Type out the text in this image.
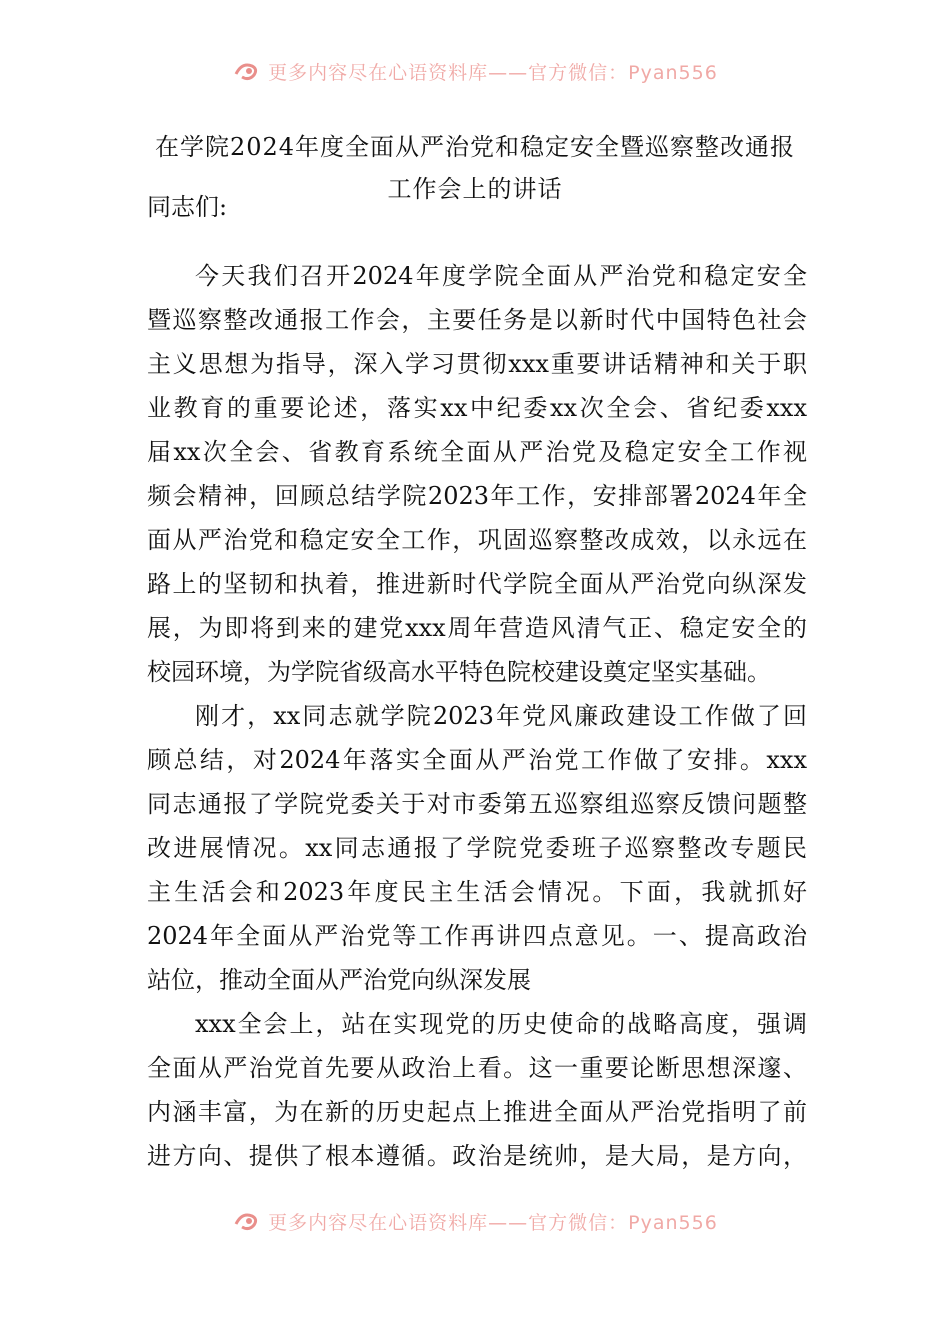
更多内容尽在心语资料库——官方微信：Pyan556
在学院2024年度全面从严治党和稳定安全暨巡察整改通报
工作会上的讲话
同志们:
今天我们召开2024年度学院全面从严治党和稳定安全
暨巡察整改通报工作会，主要任务是以新时代中国特色社会
主义思想为指导，深入学习贯彻xxx重要讲话精神和关于职
业教育的重要论述，落实xx中纪委xx次全会、省纪委xxx
届xx次全会、省教育系统全面从严治党及稳定安全工作视
频会精神，回顾总结学院2023年工作，安排部署2024年全
面从严治党和稳定安全工作，巩固巡察整改成效，以永远在
路上的坚韧和执着，推进新时代学院全面从严治党向纵深发
展，为即将到来的建党xxx周年营造风清气正、稳定安全的
校园环境，为学院省级高水平特色院校建设奠定坚实基础。
刚才，xx同志就学院2023年党风廉政建设工作做了回
顾总结，对2024年落实全面从严治党工作做了安排。xxx
同志通报了学院党委关于对市委第五巡察组巡察反馈问题整
改进展情况。xx同志通报了学院党委班子巡察整改专题民
主生活会和2023年度民主生活会情况。下面，我就抓好
2024年全面从严治党等工作再讲四点意见。一、提高政治
站位，推动全面从严治党向纵深发展
xxx全会上，站在实现党的历史使命的战略高度，强调
全面从严治党首先要从政治上看。这一重要论断思想深邃、
内涵丰富，为在新的历史起点上推进全面从严治党指明了前
进方向、提供了根本遵循。政治是统帅，是大局，是方向，
更多内容尽在心语资料库——官方微信：Pyan556
